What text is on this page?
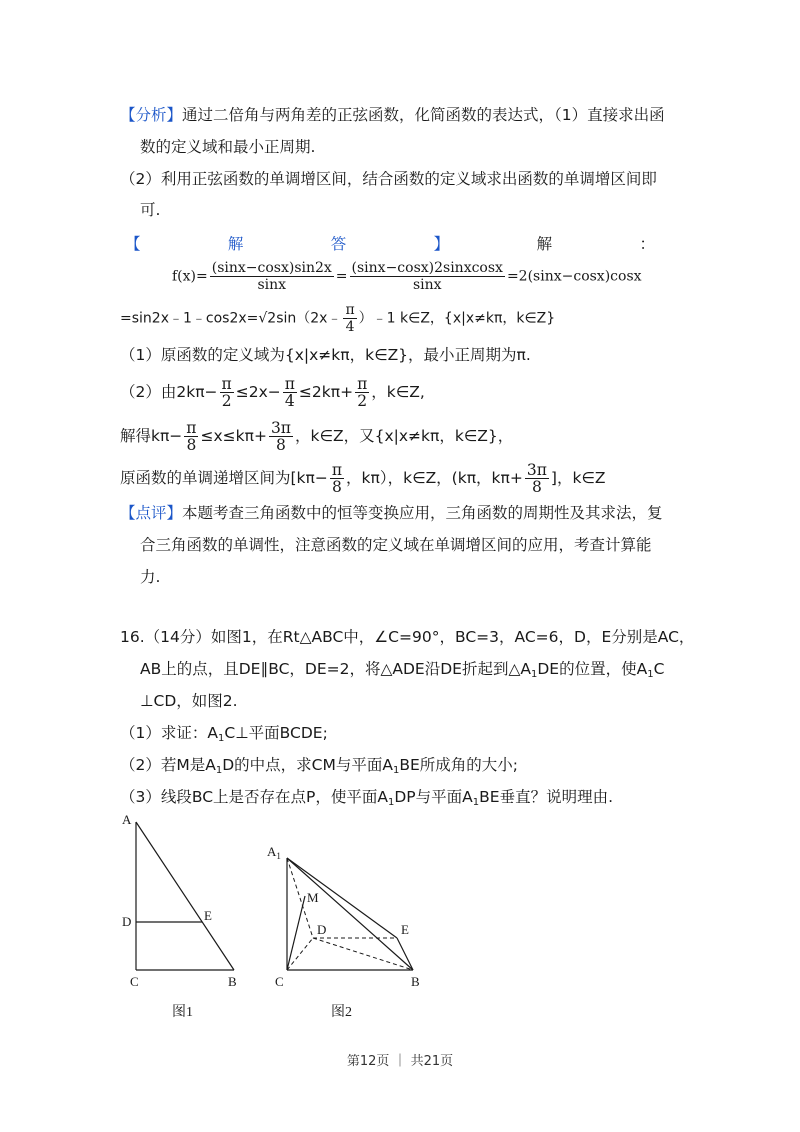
【分析】通过二倍角与两角差的正弦函数，化简函数的表达式，（1）直接求出函
数的定义域和最小正周期.
（2）利用正弦函数的单调增区间，结合函数的定义域求出函数的单调增区间即
可.
【	解	答	】	解	：
$f(x)= \frac{(\sin x-\cos x)\sin 2x}{\sin x} = \frac{\text{(sinx−cosx)2sinxcosx}}{\sin x} =2(\sin x-\cos x)\cos x$
=sin2x﹣1﹣cos2x=√2sin（2x﹣ $\frac{\pi}{4}$ ）﹣1 k∈Z，{x|x≠kπ，k∈Z}
（1）原函数的定义域为{x|x≠kπ，k∈Z}，最小正周期为π.
（2）由$2k\pi- \frac{\pi}{2} \le 2x- \frac{\pi}{4} \le 2k\pi+ \frac{\pi}{2}$ ，k∈Z,
解得$k\pi- \frac{\pi}{8} \le x\le k\pi+ \frac{3\pi}{8}$ ，k∈Z，又{x|x≠kπ，k∈Z}，
原函数的单调递增区间为[$k\pi- \frac{\pi}{8}$ ，kπ），k∈Z，(kπ，$k\pi+ \frac{3\pi}{8}$ ]，k∈Z
【点评】本题考查三角函数中的恒等变换应用，三角函数的周期性及其求法，复
合三角函数的单调性，注意函数的定义域在单调增区间的应用，考查计算能
力.
16.（14分）如图1，在Rt△ABC中，∠C=90°，BC=3，AC=6，D，E分别是AC，
AB上的点，且DE∥BC，DE=2，将△ADE沿DE折起到$\triangle A_1DE$的位置，使$A_1C$
⊥CD，如图2.
（1）求证：$A_1C\perp$平面BCDE;
（2）若M是$A_1D$的中点，求CM与平面$A_1BE$所成角的大小;
（3）线段BC上是否存在点P，使平面$A_1DP$与平面$A_1BE$垂直？说明理由.
A
D	E
C	B
图1
$A_1$
M
D	E
C	B
图2
第12页 ｜ 共21页
